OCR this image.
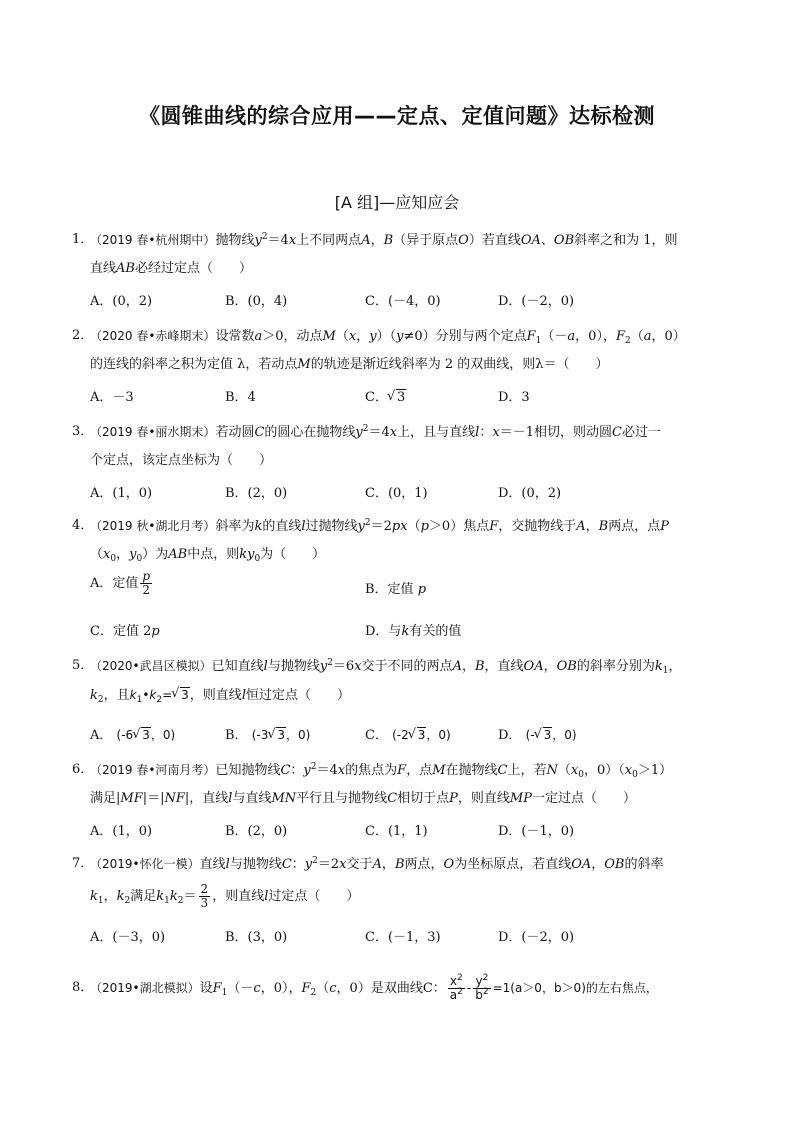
《圆锥曲线的综合应用——定点、定值问题》达标检测
[A 组]—应知应会
1．
（2019 春•杭州期中）抛物线$y^2=4x$上不同两点A，B（异于原点O）若直线OA、OB斜率之和为 1，则
直线AB必经过定点（　　）
A．(0，2)	B．(0，4)	C．(－4，0)	D．(－2，0)
2．
（2020 春•赤峰期末）设常数a＞0，动点M（x，y）（y≠0）分别与两个定点$F_1(-a$，0），$F_2(a$，0）
的连线的斜率之积为定值 λ，若动点M的轨迹是渐近线斜率为 2 的双曲线，则λ＝（　　）
A．－3	B．4	C．√ 3	D．3
3．
（2019 春•丽水期末）若动圆C的圆心在抛物线$y^2=4x$上，且与直线l：x＝－1相切，则动圆C必过一
个定点，该定点坐标为（　　）
A．(1，0)	B．(2，0)	C．(0，1)	D．(0，2)
4．
（2019 秋•湖北月考）斜率为k的直线l过抛物线$y^2=2px(p>0)$焦点F，交抛物线于A，B两点，点P
（$x_0$，$y_0$）为AB中点，则$ky_0$为（　　）
A．定值 $\frac{p}{2}$	B．定值 p
C．定值 2p	D．与k有关的值
5．
（2020•武昌区模拟）已知直线l与抛物线$y^2=6x$交于不同的两点A，B，直线OA，OB的斜率分别为$k_1$，
$k_2$，且$k_1•k_2=√$ 3，则直线l恒过定点（　　）
A． (-6√ 3，0)	B． (-3√ 3，0)	C． (-2√ 3，0)	D． (-√ 3，0)
6．
（2019 春•河南月考）已知抛物线C：$y^2=4x$的焦点为F，点M在抛物线C上，若$N(x_0$，$0)(x_0>1)$
满足|MF|＝|NF|，直线l与直线MN平行且与抛物线C相切于点P，则直线MP一定过点（　　）
A．(1，0)	B．(2，0)	C．(1，1)	D．(－1，0)
7．
（2019•怀化一模）直线l与抛物线C：$y^2=2x$交于A，B两点，O为坐标原点，若直线OA，OB的斜率
$k_1$，$k_2$满足$k_1k_2= \frac{2}{3}$ ，则直线l过定点（　　）
A．(－3，0)	B．(3，0)	C．(－1，3)	D．(－2，0)
8．
（2019•湖北模拟）设$F_1(-c$，0），$F_2(c$，0）是双曲线C： $\frac{x^2}{a^2} - \frac{y^2}{b^2} =1(a>0$，b＞0)的左右焦点，
